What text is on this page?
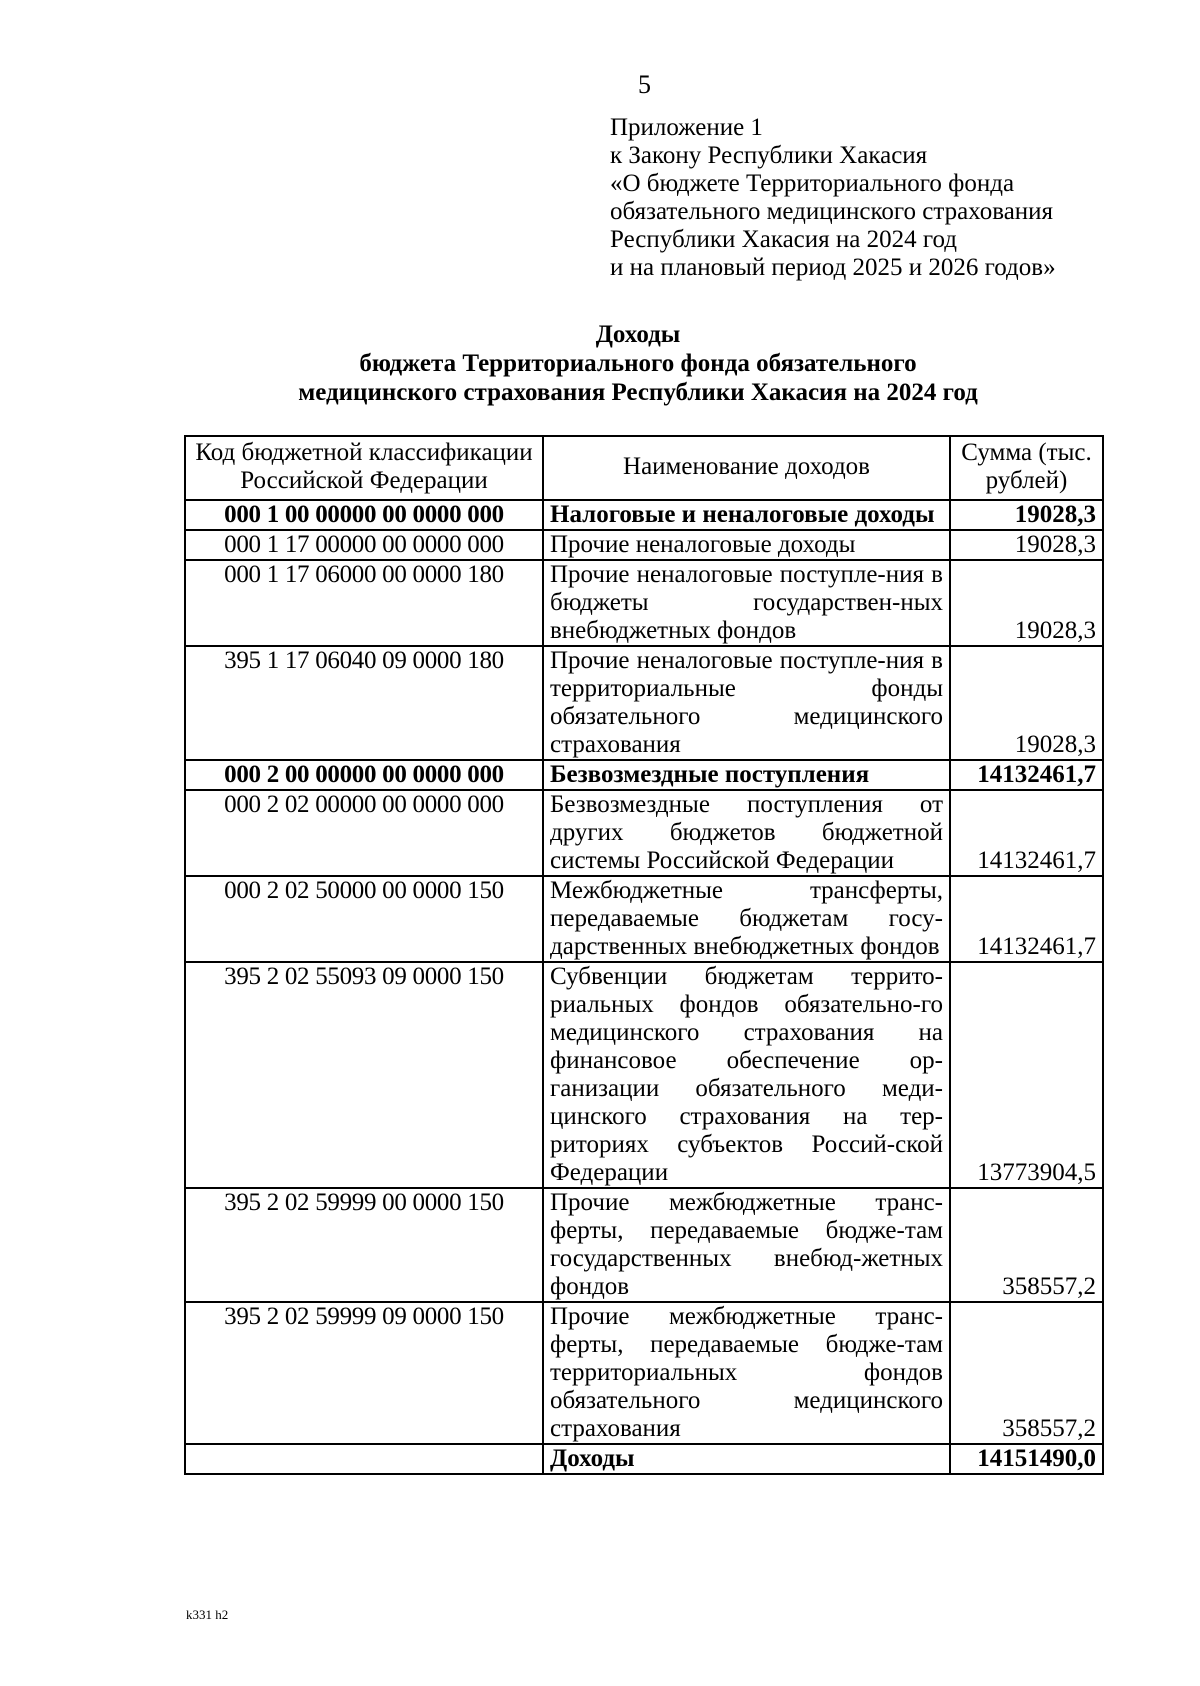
5
Приложение 1
к Закону Республики Хакасия
«О бюджете Территориального фонда
обязательного медицинского страхования
Республики Хакасия на 2024 год
и на плановый период 2025 и 2026 годов»
Доходы
бюджета Территориального фонда обязательного
медицинского страхования Республики Хакасия на 2024 год
Код бюджетной классификации Российской Федерации	Наименование доходов	Сумма (тыс. рублей)
000 1 00 00000 00 0000 000	Налоговые и неналоговые доходы	19028,3
000 1 17 00000 00 0000 000	Прочие неналоговые доходы	19028,3
000 1 17 06000 00 0000 180	Прочие неналоговые поступле-ния в бюджеты государствен-ных внебюджетных фондов	19028,3
395 1 17 06040 09 0000 180	Прочие неналоговые поступле-ния в территориальные фонды обязательного медицинского страхования	19028,3
000 2 00 00000 00 0000 000	Безвозмездные поступления	14132461,7
000 2 02 00000 00 0000 000	Безвозмездные поступления от других бюджетов бюджетной системы Российской Федерации	14132461,7
000 2 02 50000 00 0000 150	Межбюджетные трансферты, передаваемые бюджетам госу-дарственных внебюджетных фондов	14132461,7
395 2 02 55093 09 0000 150	Субвенции бюджетам террито-риальных фондов обязательно-го медицинского страхования на финансовое обеспечение ор-ганизации обязательного меди-цинского страхования на тер-риториях субъектов Россий-ской Федерации	13773904,5
395 2 02 59999 00 0000 150	Прочие межбюджетные транс-ферты, передаваемые бюдже-там государственных внебюд-жетных фондов	358557,2
395 2 02 59999 09 0000 150	Прочие межбюджетные транс-ферты, передаваемые бюдже-там территориальных фондов обязательного медицинского страхования	358557,2
	Доходы	14151490,0
k331 h2
